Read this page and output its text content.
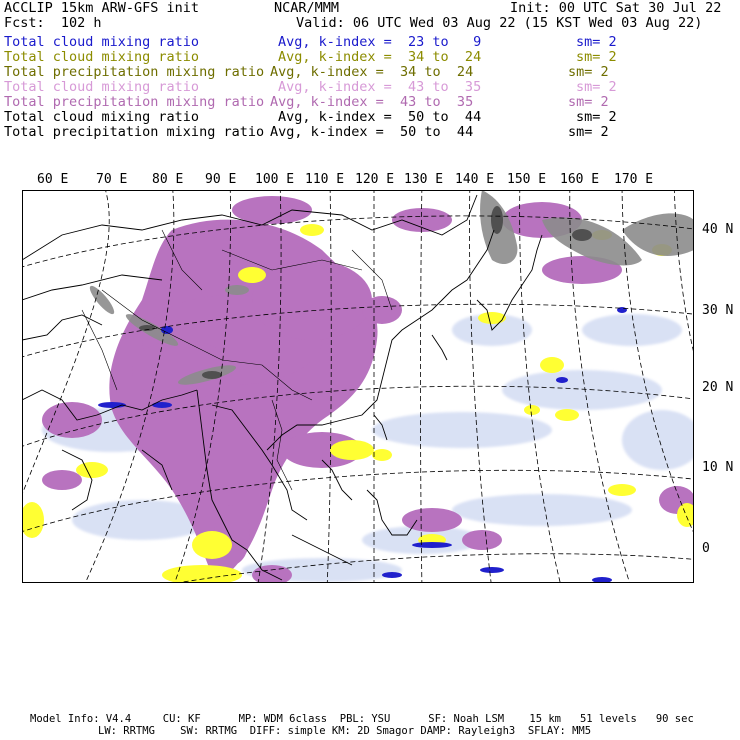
ACCLIP 15km ARW-GFS init	NCAR/MMM	Init: 00 UTC Sat 30 Jul 22
Fcst:  102 h	Valid: 06 UTC Wed 03 Aug 22 (15 KST Wed 03 Aug 22)
Total cloud mixing ratio	Avg, k-index =  23 to   9	sm= 2
Total cloud mixing ratio	Avg, k-index =  34 to  24	sm= 2
Total precipitation mixing ratio Avg, k-index =  34 to  24	sm= 2
Total cloud mixing ratio	Avg, k-index =  43 to  35	sm= 2
Total precipitation mixing ratio Avg, k-index =  43 to  35	sm= 2
Total cloud mixing ratio	Avg, k-index =  50 to  44	sm= 2
Total precipitation mixing ratio Avg, k-index =  50 to  44	sm= 2
60 E 70 E 80 E 90 E 100 E 110 E 120 E 130 E 140 E 150 E 160 E 170 E
40 N
30 N
20 N
10 N
0
Model Info: V4.4     CU: KF      MP: WDM 6class  PBL: YSU      SF: Noah LSM    15 km   51 levels   90 sec
LW: RRTMG    SW: RRTMG  DIFF: simple KM: 2D Smagor DAMP: Rayleigh3  SFLAY: MM5
